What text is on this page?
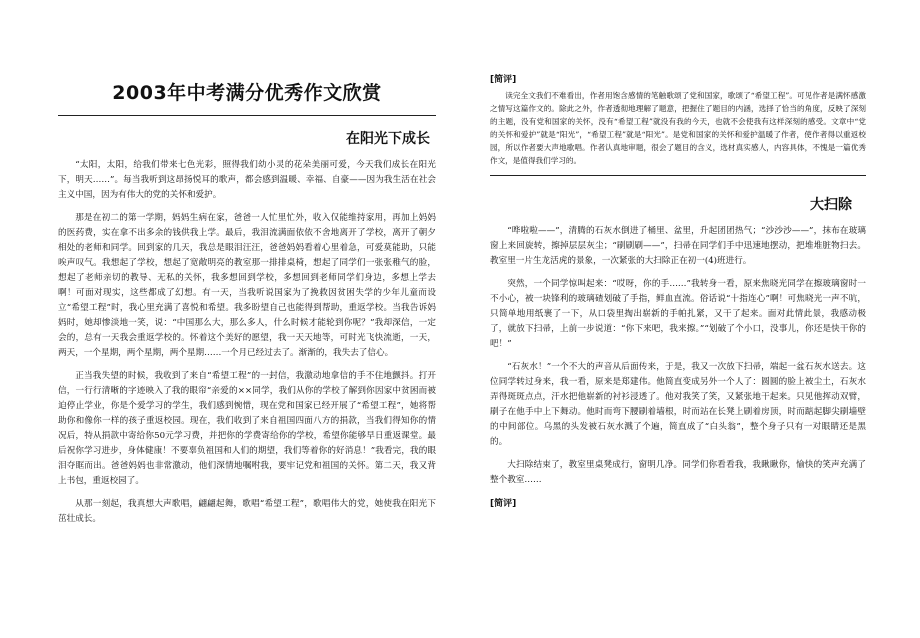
2003年中考满分优秀作文欣赏
在阳光下成长

“太阳，太阳，给我们带来七色光彩，照得我们幼小灵的花朵美丽可爱，今天我们成长在阳光下，明天……”。每当我听到这昂扬悦耳的歌声，都会感到温暖、幸福、自豪——因为我生活在社会主义中国，因为有伟大的党的关怀和爱护。

那是在初二的第一学期，妈妈生病在家，爸爸一人忙里忙外，收入仅能维持家用，再加上妈妈的医药费，实在拿不出多余的钱供我上学。最后，我泪流满面依依不舍地离开了学校，离开了朝夕相处的老师和同学。回到家的几天，我总是眼泪汪汪，爸爸妈妈看着心里着急，可爱莫能助，只能唉声叹气。我想起了学校，想起了宽敞明亮的教室那一排排桌椅，想起了同学们一张张稚气的脸，想起了老师亲切的教导、无私的关怀，我多想回到学校，多想回到老师同学们身边，多想上学去啊！可面对现实，这些都成了幻想。有一天，当我听说国家为了挽救因贫困失学的少年儿童而设立“希望工程”时，我心里充满了喜悦和希望。我多盼望自己也能得到帮助，重返学校。当我告诉妈妈时，她却惨淡地一笑，说：“中国那么大，那么多人，什么时候才能轮到你呢？”我却深信，一定会的，总有一天我会重返学校的。怀着这个美好的愿望，我一天天地等，可时光飞快流逝，一天，两天，一个星期，两个星期，两个星期……一个月已经过去了。渐渐的，我失去了信心。

正当我失望的时候，我收到了来自“希望工程”的一封信，我激动地拿信的手不住地颤抖。打开信，一行行清晰的字迹映入了我的眼帘“亲爱的××同学，我们从你的学校了解到你因家中贫困而被迫停止学业，你是个爱学习的学生，我们感到惋惜，现在党和国家已经开展了“希望工程”，她将帮助你和像你一样的孩子重返校园。现在，我们收到了来自祖国四面八方的捐款，当我们得知你的情况后，特从捐款中寄给你50元学习费，并把你的学费寄给你的学校，希望你能够早日重返课堂。最后祝你学习进步，身体健康！不要辜负祖国和人们的期望，我们等着你的好消息！”我看完，我的眼泪夺眶而出。爸爸妈妈也非常激动，他们深情地嘱咐我，要牢记党和祖国的关怀。第二天，我又背上书包，重返校园了。

从那一刻起，我真想大声歌唱，翩翩起舞，歌唱“希望工程”，歌唱伟大的党，她使我在阳光下茁壮成长。

[简评]
读完全文我们不难看出，作者用饱含感情的笔触歌颂了党和国家，歌颂了“希望工程”。可见作者是满怀感激之情写这篇作文的。除此之外，作者透彻地理解了题意，把握住了题目的内涵，选择了恰当的角度，反映了深刻的主题，没有党和国家的关怀，没有“希望工程”就没有我的今天，也就不会使我有这样深刻的感受。文章中“党的关怀和爱护”就是“阳光”，“希望工程”就是“阳光”。是党和国家的关怀和爱护温暖了作者，使作者得以重返校园，所以作者要大声地歌唱。作者认真地审题，很会了题目的含义，选材真实感人，内容具体，不愧是一篇优秀作文，是值得我们学习的。
大扫除

“哗啦啦——”，清腾的石灰水倒进了桶里、盆里，升起团团热气；“沙沙沙——”，抹布在玻璃窗上来回旋转，擦掉层层灰尘；“刷刷刷——”，扫帚在同学们手中迅速地摆动，把堆堆脏物扫去。教室里一片生龙活虎的景象，一次紧张的大扫除正在初一(4)班进行。

突然，一个同学惊叫起来：“哎呀，你的手……”我转身一看，原来焦晓光同学在擦玻璃窗时一不小心，被一块锋利的玻璃碴划破了手指，鲜血直流。俗话说“十指连心”啊！可焦晓光一声不吭，只简单地用纸裹了一下，从口袋里掏出崭新的手帕扎紧，又干了起来。面对此情此景，我感动极了，就放下扫帚，上前一步说道：“你下来吧，我来擦。”“划破了个小口，没事儿，你还是快干你的吧！”

“石灰水！”一个不大的声音从后面传来，于是，我又一次放下扫帚，端起一盆石灰水送去。这位同学转过身来，我一看，原来是郑建伟。他简直变成另外一个人了：圆圆的脸上被尘土，石灰水弄得斑斑点点，汗水把他崭新的衬衫浸透了。他对我笑了笑，又紧张地干起来。只见他挥动双臂，刷子在他手中上下舞动。他时而弯下腰刷着墙根，时而站在长凳上刷着房顶，时而踮起脚尖刷墙壁的中间部位。乌黑的头发被石灰水溅了个遍，简直成了“白头翁”，整个身子只有一对眼睛还是黑的。

大扫除结束了，教室里桌凳成行，窗明几净。同学们你看看我，我瞅瞅你，愉快的笑声充满了整个教室……

[简评]
